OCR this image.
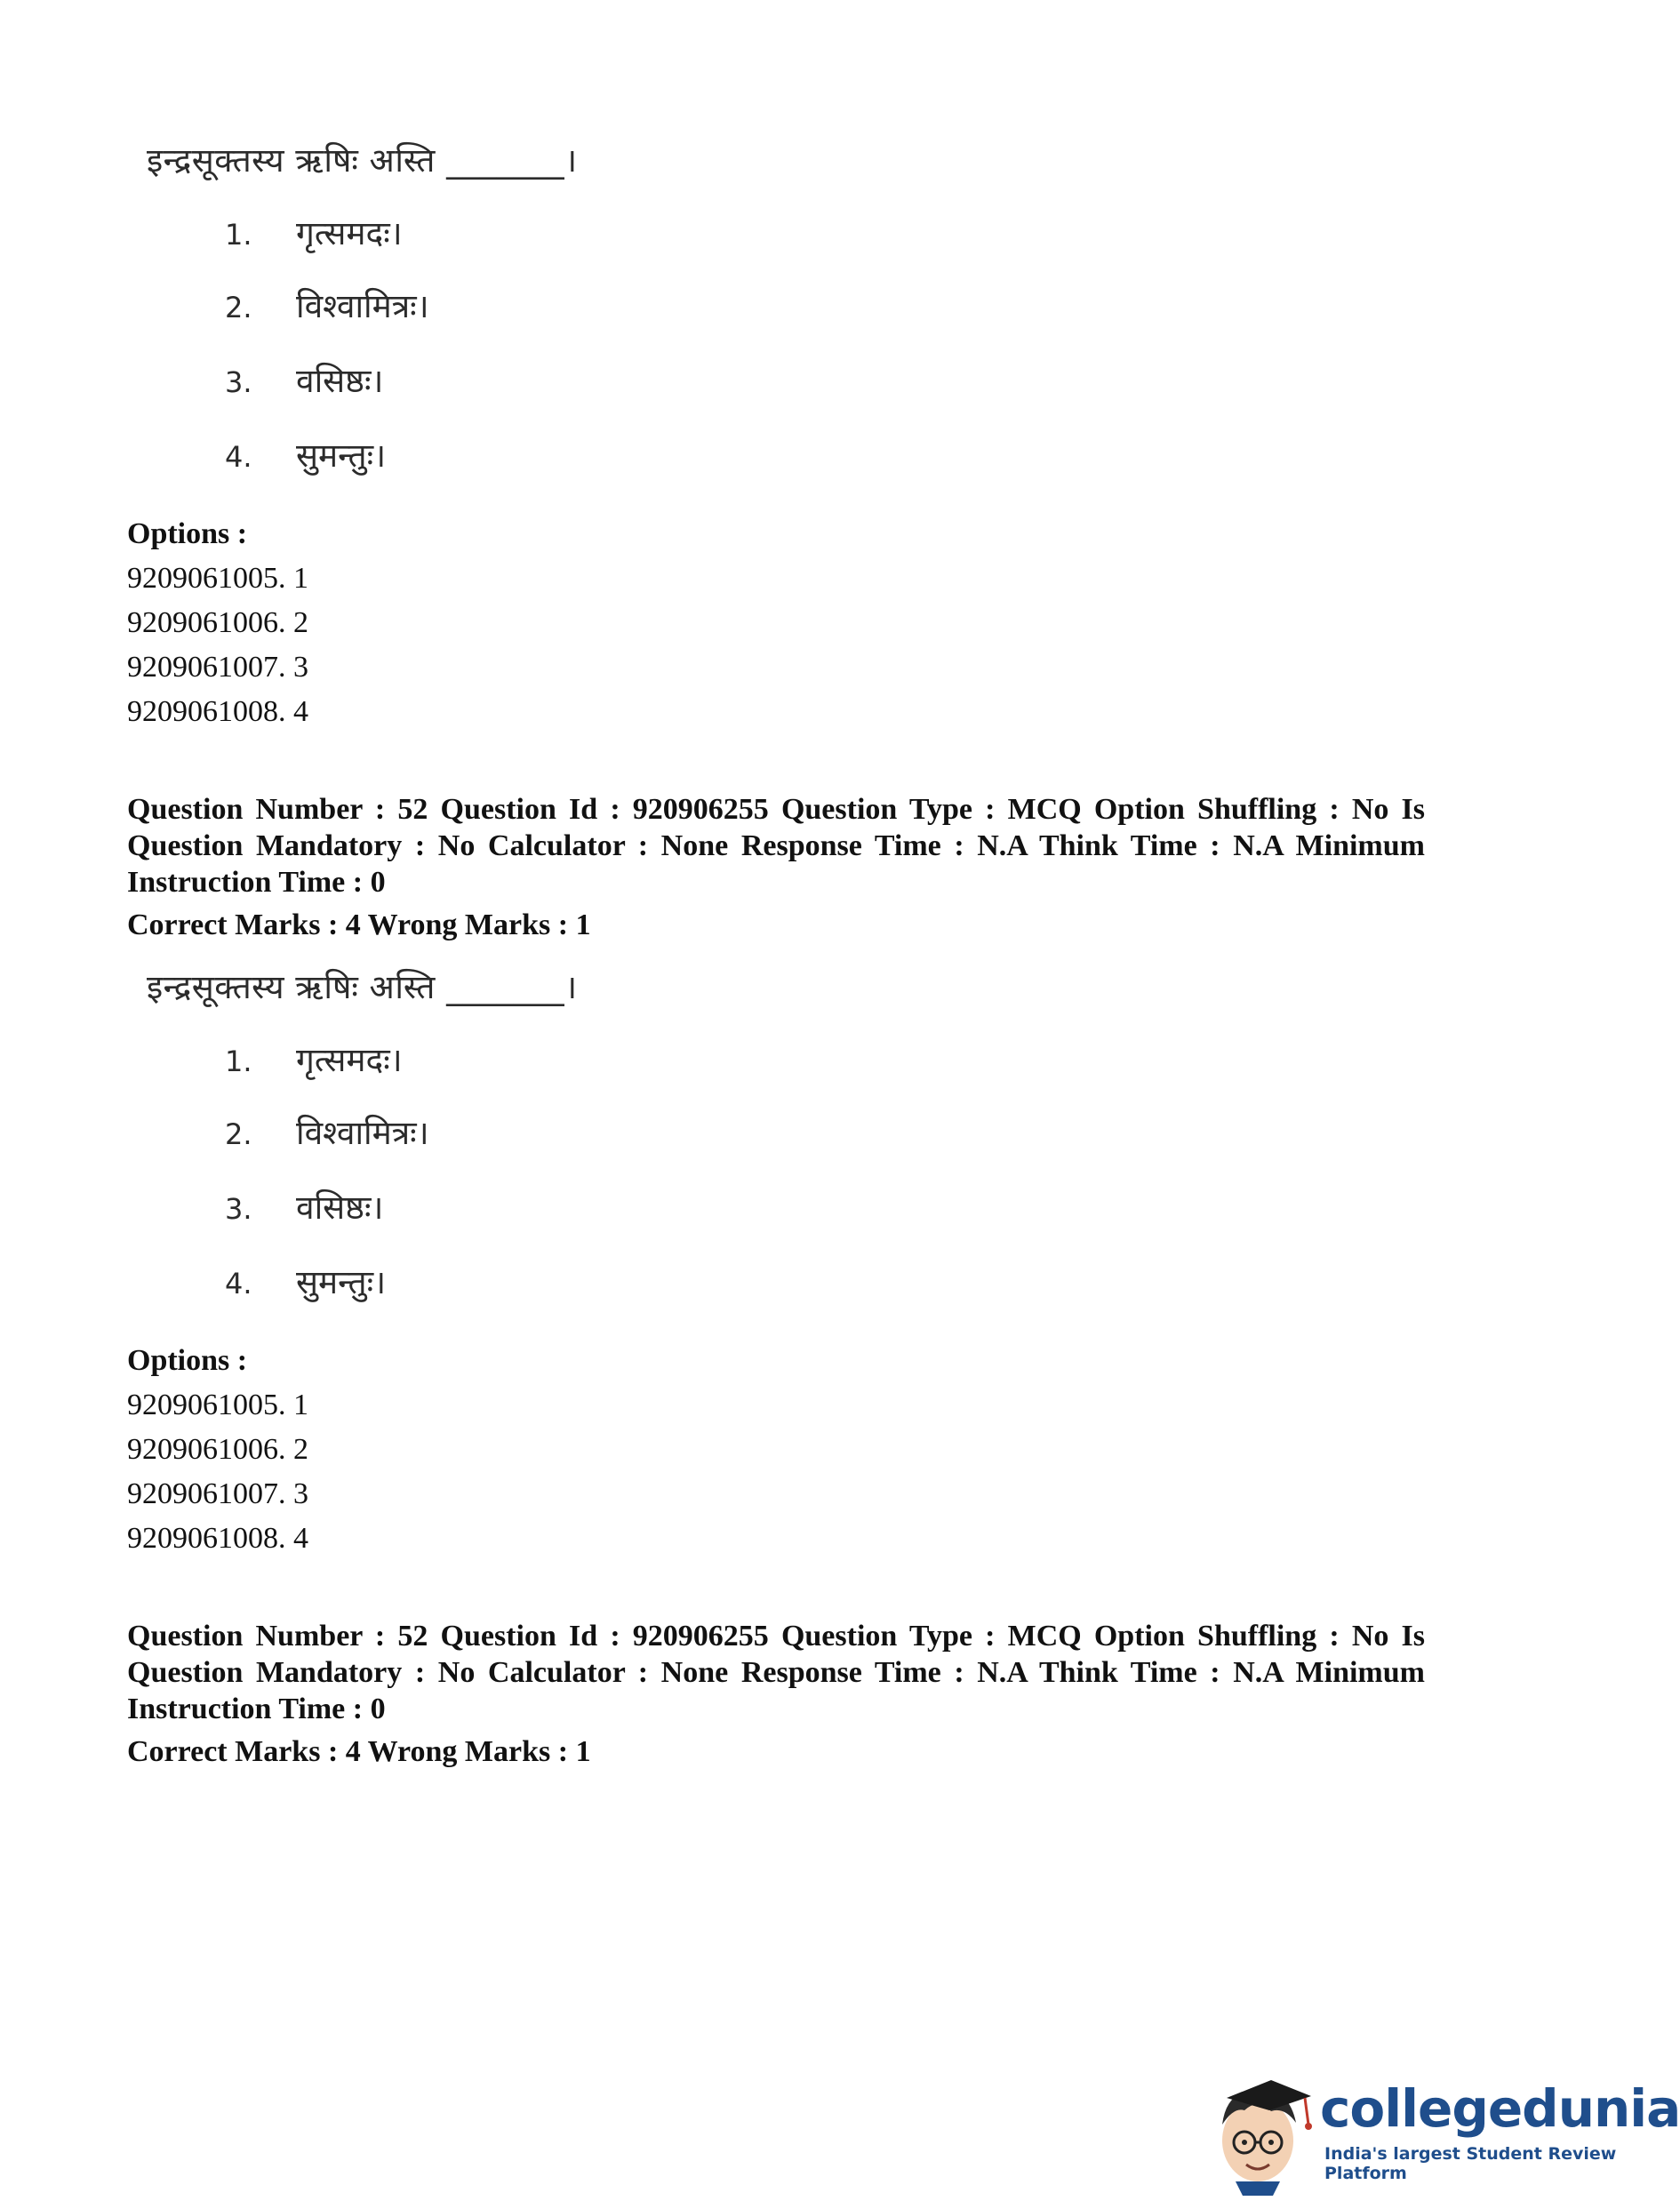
इन्द्रसूक्तस्य ऋषिः अस्ति _______।
1. गृत्समदः।
2. विश्वामित्रः।
3. वसिष्ठः।
4. सुमन्तुः।
Options :
9209061005. 1
9209061006. 2
9209061007. 3
9209061008. 4
Question Number : 52 Question Id : 920906255 Question Type : MCQ Option Shuffling : No Is Question Mandatory : No Calculator : None Response Time : N.A Think Time : N.A Minimum Instruction Time : 0
Correct Marks : 4 Wrong Marks : 1
इन्द्रसूक्तस्य ऋषिः अस्ति _______।
1. गृत्समदः।
2. विश्वामित्रः।
3. वसिष्ठः।
4. सुमन्तुः।
Options :
9209061005. 1
9209061006. 2
9209061007. 3
9209061008. 4
Question Number : 52 Question Id : 920906255 Question Type : MCQ Option Shuffling : No Is Question Mandatory : No Calculator : None Response Time : N.A Think Time : N.A Minimum Instruction Time : 0
Correct Marks : 4 Wrong Marks : 1
collegedunia
India's largest Student Review Platform
